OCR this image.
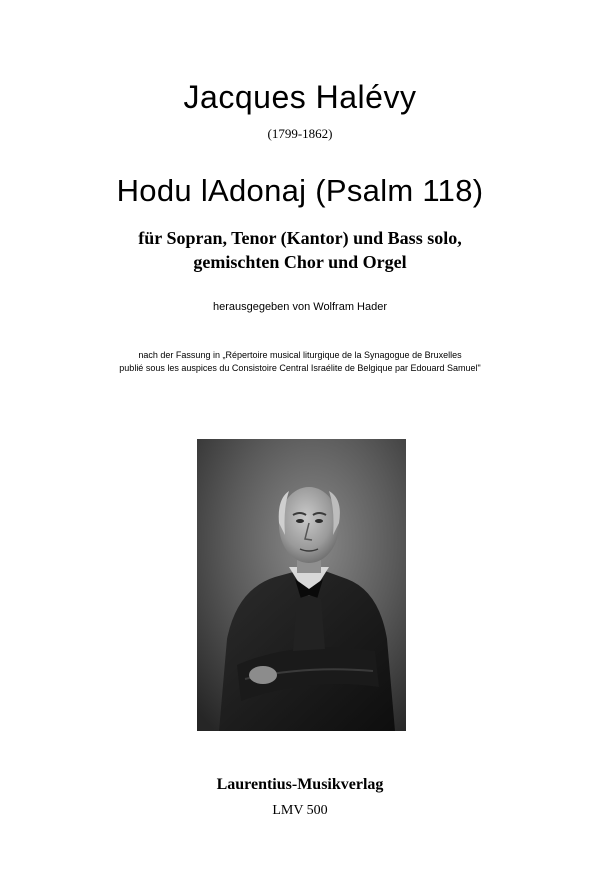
Jacques Halévy
(1799-1862)
Hodu lAdonaj (Psalm 118)
für Sopran, Tenor (Kantor) und Bass solo,
gemischten Chor und Orgel
herausgegeben von Wolfram Hader
nach der Fassung in „Répertoire musical liturgique de la Synagogue de Bruxelles
publié sous les auspices du Consistoire Central Israélite de Belgique par Edouard Samuel"
Laurentius-Musikverlag
LMV 500
